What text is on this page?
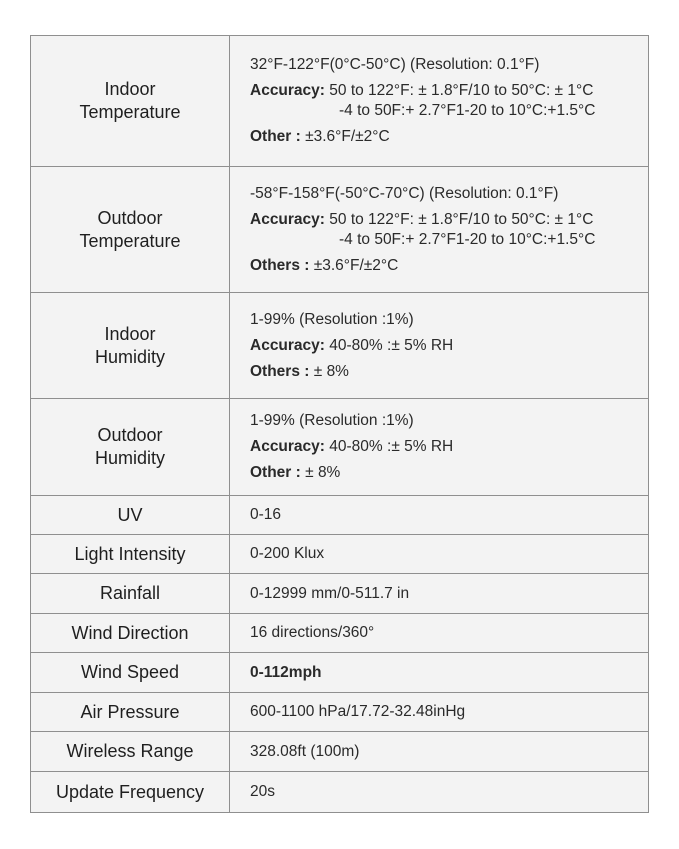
Indoor
Temperature	32°F-122°F(0°C-50°C) (Resolution: 0.1°F)
Accuracy: 50 to 122°F: ± 1.8°F/10 to 50°C: ± 1°C
-4 to 50F:+ 2.7°F1-20 to 10°C:+1.5°C
Other : ±3.6°F/±2°C

Outdoor
Temperature	-58°F-158°F(-50°C-70°C) (Resolution: 0.1°F)
Accuracy: 50 to 122°F: ± 1.8°F/10 to 50°C: ± 1°C
-4 to 50F:+ 2.7°F1-20 to 10°C:+1.5°C
Others : ±3.6°F/±2°C

Indoor
Humidity	1-99% (Resolution :1%)
Accuracy: 40-80% :± 5% RH
Others : ± 8%

Outdoor
Humidity	1-99% (Resolution :1%)
Accuracy: 40-80% :± 5% RH
Other : ± 8%

UV	0-16
Light Intensity	0-200 Klux
Rainfall	0-12999 mm/0-511.7 in
Wind Direction	16 directions/360°
Wind Speed	0-112mph
Air Pressure	600-1100 hPa/17.72-32.48inHg
Wireless Range	328.08ft (100m)
Update Frequency	20s
